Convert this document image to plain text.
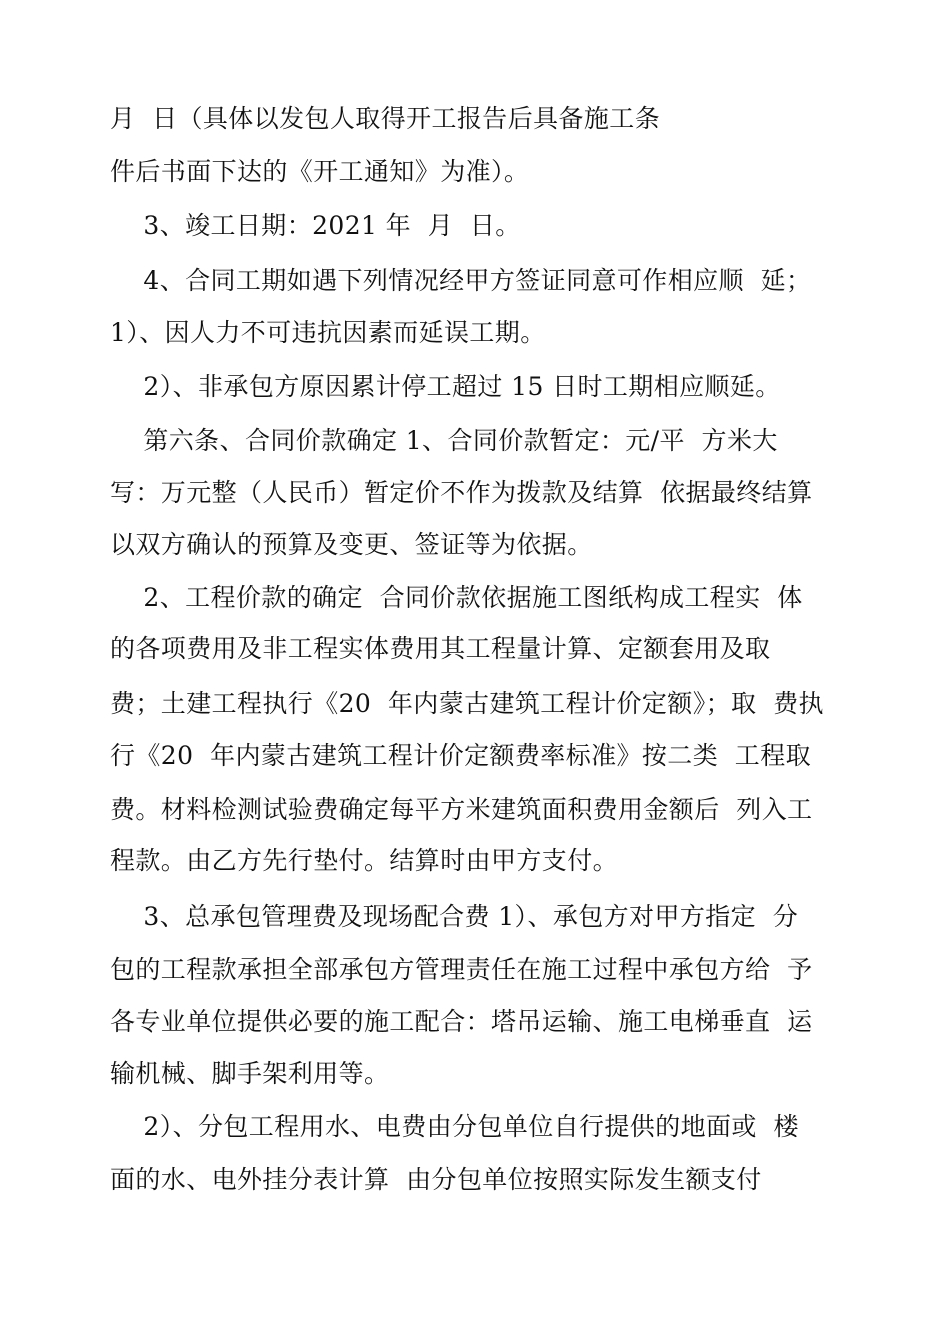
月  日（具体以发包人取得开工报告后具备施工条
件后书面下达的《开工通知》为准）。
3、竣工日期：2021 年  月  日。
4、合同工期如遇下列情况经甲方签证同意可作相应顺  延；
1）、因人力不可违抗因素而延误工期。
2）、非承包方原因累计停工超过 15 日时工期相应顺延。
第六条、合同价款确定 1、合同价款暂定：元/平  方米大
写：万元整（人民币）暂定价不作为拨款及结算  依据最终结算
以双方确认的预算及变更、签证等为依据。
2、工程价款的确定  合同价款依据施工图纸构成工程实  体
的各项费用及非工程实体费用其工程量计算、定额套用及取
费；土建工程执行《20  年内蒙古建筑工程计价定额》；取  费执
行《20  年内蒙古建筑工程计价定额费率标准》按二类  工程取
费。材料检测试验费确定每平方米建筑面积费用金额后  列入工
程款。由乙方先行垫付。结算时由甲方支付。
3、总承包管理费及现场配合费 1）、承包方对甲方指定  分
包的工程款承担全部承包方管理责任在施工过程中承包方给  予
各专业单位提供必要的施工配合：塔吊运输、施工电梯垂直  运
输机械、脚手架利用等。
2）、分包工程用水、电费由分包单位自行提供的地面或  楼
面的水、电外挂分表计算  由分包单位按照实际发生额支付
